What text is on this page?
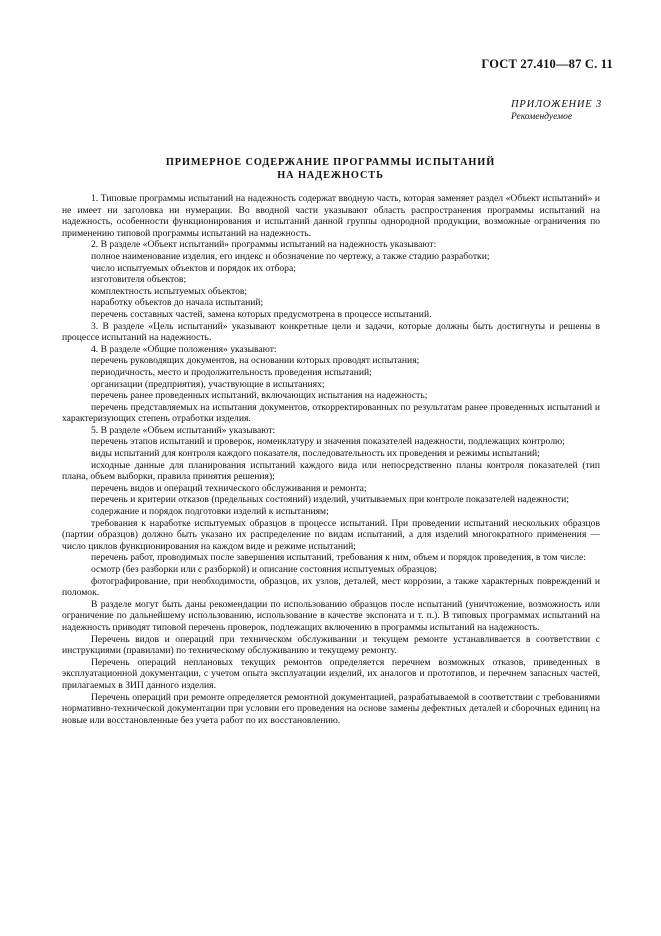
ГОСТ 27.410—87 С. 11
ПРИЛОЖЕНИЕ 3
Рекомендуемое
ПРИМЕРНОЕ СОДЕРЖАНИЕ ПРОГРАММЫ ИСПЫТАНИЙ
НА НАДЕЖНОСТЬ

1. Типовые программы испытаний на надежность содержат вводную часть, которая заменяет раздел «Объект испытаний» и не имеет ни заголовка ни нумерации. Во вводной части указывают область распространения программы испытаний на надежность, особенности функционирования и испытаний данной группы однородной продукции, возможные ограничения по применению типовой программы испытаний на надежность.

2. В разделе «Объект испытаний» программы испытаний на надежность указывают:

полное наименование изделия, его индекс и обозначение по чертежу, а также стадию разработки;

число испытуемых объектов и порядок их отбора;

изготовителя объектов;

комплектность испытуемых объектов;

наработку объектов до начала испытаний;

перечень составных частей, замена которых предусмотрена в процессе испытаний.

3. В разделе «Цель испытаний» указывают конкретные цели и задачи, которые должны быть достигнуты и решены в процессе испытаний на надежность.

4. В разделе «Общие положения» указывают:

перечень руководящих документов, на основании которых проводят испытания;

периодичность, место и продолжительность проведения испытаний;

организации (предприятия), участвующие в испытаниях;

перечень ранее проведенных испытаний, включающих испытания на надежность;

перечень представляемых на испытания документов, откорректированных по результатам ранее проведенных испытаний и характеризующих степень отработки изделия.

5. В разделе «Объем испытаний» указывают:

перечень этапов испытаний и проверок, номенклатуру и значения показателей надежности, подлежащих контролю;

виды испытаний для контроля каждого показателя, последовательность их проведения и режимы испытаний;

исходные данные для планирования испытаний каждого вида или непосредственно планы контроля показателей (тип плана, объем выборки, правила принятия решения);

перечень видов и операций технического обслуживания и ремонта;

перечень и критерии отказов (предельных состояний) изделий, учитываемых при контроле показателей надежности;

содержание и порядок подготовки изделий к испытаниям;

требования к наработке испытуемых образцов в процессе испытаний. При проведении испытаний нескольких образцов (партии образцов) должно быть указано их распределение по видам испытаний, а для изделий многократного применения — число циклов функционирования на каждом виде и режиме испытаний;

перечень работ, проводимых после завершения испытаний, требования к ним, объем и порядок проведения, в том числе:

осмотр (без разборки или с разборкой) и описание состояния испытуемых образцов;

фотографирование, при необходимости, образцов, их узлов, деталей, мест коррозии, а также характерных повреждений и поломок.

В разделе могут быть даны рекомендации по использованию образцов после испытаний (уничтожение, возможность или ограничение по дальнейшему использованию, использование в качестве экспоната и т. п.). В типовых программах испытаний на надежность приводят типовой перечень проверок, подлежащих включению в программы испытаний на надежность.

Перечень видов и операций при техническом обслуживании и текущем ремонте устанавливается в соответствии с инструкциями (правилами) по техническому обслуживанию и текущему ремонту.

Перечень операций неплановых текущих ремонтов определяется перечнем возможных отказов, приведенных в эксплуатационной документации, с учетом опыта эксплуатации изделий, их аналогов и прототипов, и перечнем запасных частей, прилагаемых в ЗИП данного изделия.

Перечень операций при ремонте определяется ремонтной документацией, разрабатываемой в соответствии с требованиями нормативно-технической документации при условии его проведения на основе замены дефектных деталей и сборочных единиц на новые или восстановленные без учета работ по их восстановлению.
